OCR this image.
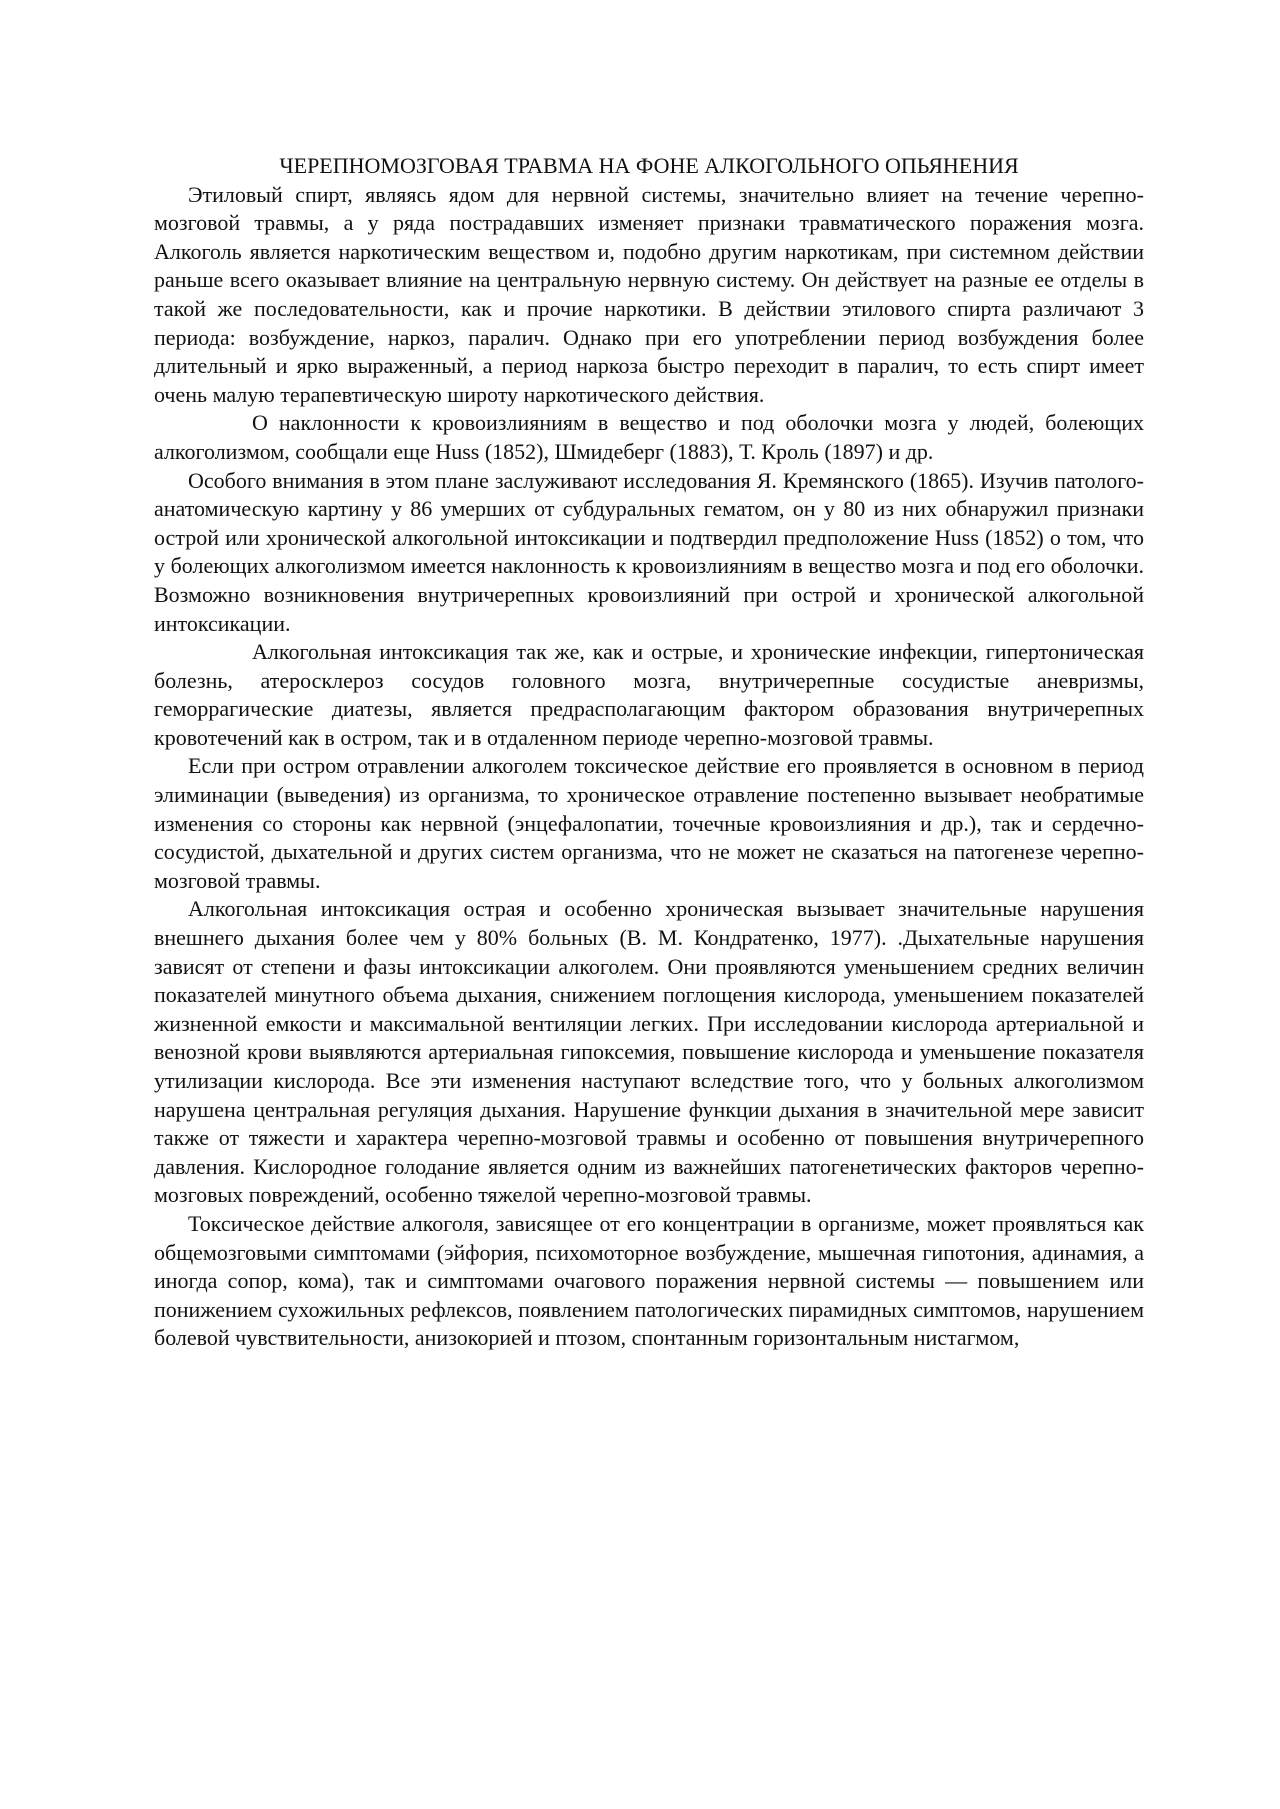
ЧЕРЕПНОМОЗГОВАЯ ТРАВМА НА ФОНЕ АЛКОГОЛЬНОГО ОПЬЯНЕНИЯ

Этиловый спирт, являясь ядом для нервной системы, значительно влияет на течение черепно-мозговой травмы, а у ряда пострадавших изменяет признаки травматического поражения мозга. Алкоголь является наркотическим веществом и, подобно другим наркотикам, при системном действии раньше всего оказывает влияние на центральную нервную систему. Он действует на разные ее отделы в такой же последовательности, как и прочие наркотики. В действии этилового спирта различают 3 периода: возбуждение, наркоз, паралич. Однако при его употреблении период возбуждения более длительный и ярко выраженный, а период наркоза быстро переходит в паралич, то есть спирт имеет очень малую терапевтическую широту наркотического действия.

О наклонности к кровоизлияниям в вещество и под оболочки мозга у людей, болеющих алкоголизмом, сообщали еще Huss (1852), Шмидеберг (1883), Т. Кроль (1897) и др.

Особого внимания в этом плане заслуживают исследования Я. Кремянского (1865). Изучив патолого-анатомическую картину у 86 умерших от субдуральных гематом, он у 80 из них обнаружил признаки острой или хронической алкогольной интоксикации и подтвердил предположение Huss (1852) о том, что у болеющих алкоголизмом имеется наклонность к кровоизлияниям в вещество мозга и под его оболочки. Возможно возникновения внутричерепных кровоизлияний при острой и хронической алкогольной интоксикации.

Алкогольная интоксикация так же, как и острые, и хронические инфекции, гипертоническая болезнь, атеросклероз сосудов головного мозга, внутричерепные сосудистые аневризмы, геморрагические диатезы, является предрасполагающим фактором образования внутричерепных кровотечений как в остром, так и в отдаленном периоде черепно-мозговой травмы.

Если при остром отравлении алкоголем токсическое действие его проявляется в основном в период элиминации (выведения) из организма, то хроническое отравление постепенно вызывает необратимые изменения со стороны как нервной (энцефалопатии, точечные кровоизлияния и др.), так и сердечно-сосудистой, дыхательной и других систем организма, что не может не сказаться на патогенезе черепно-мозговой травмы.

Алкогольная интоксикация острая и особенно хроническая вызывает значительные нарушения внешнего дыхания более чем у 80% больных (В. М. Кондратенко, 1977). .Дыхательные нарушения зависят от степени и фазы интоксикации алкоголем. Они проявляются уменьшением средних величин показателей минутного объема дыхания, снижением поглощения кислорода, уменьшением показателей жизненной емкости и максимальной вентиляции легких. При исследовании кислорода артериальной и венозной крови выявляются артериальная гипоксемия, повышение кислорода и уменьшение показателя утилизации кислорода. Все эти изменения наступают вследствие того, что у больных алкоголизмом нарушена центральная регуляция дыхания. Нарушение функции дыхания в значительной мере зависит также от тяжести и характера черепно-мозговой травмы и особенно от повышения внутричерепного давления. Кислородное голодание является одним из важнейших патогенетических факторов черепно-мозговых повреждений, особенно тяжелой черепно-мозговой травмы.

Токсическое действие алкоголя, зависящее от его концентрации в организме, может проявляться как общемозговыми симптомами (эйфория, психомоторное возбуждение, мышечная гипотония, адинамия, а иногда сопор, кома), так и симптомами очагового поражения нервной системы — повышением или понижением сухожильных рефлексов, появлением патологических пирамидных симптомов, нарушением болевой чувствительности, анизокорией и птозом, спонтанным горизонтальным нистагмом,
